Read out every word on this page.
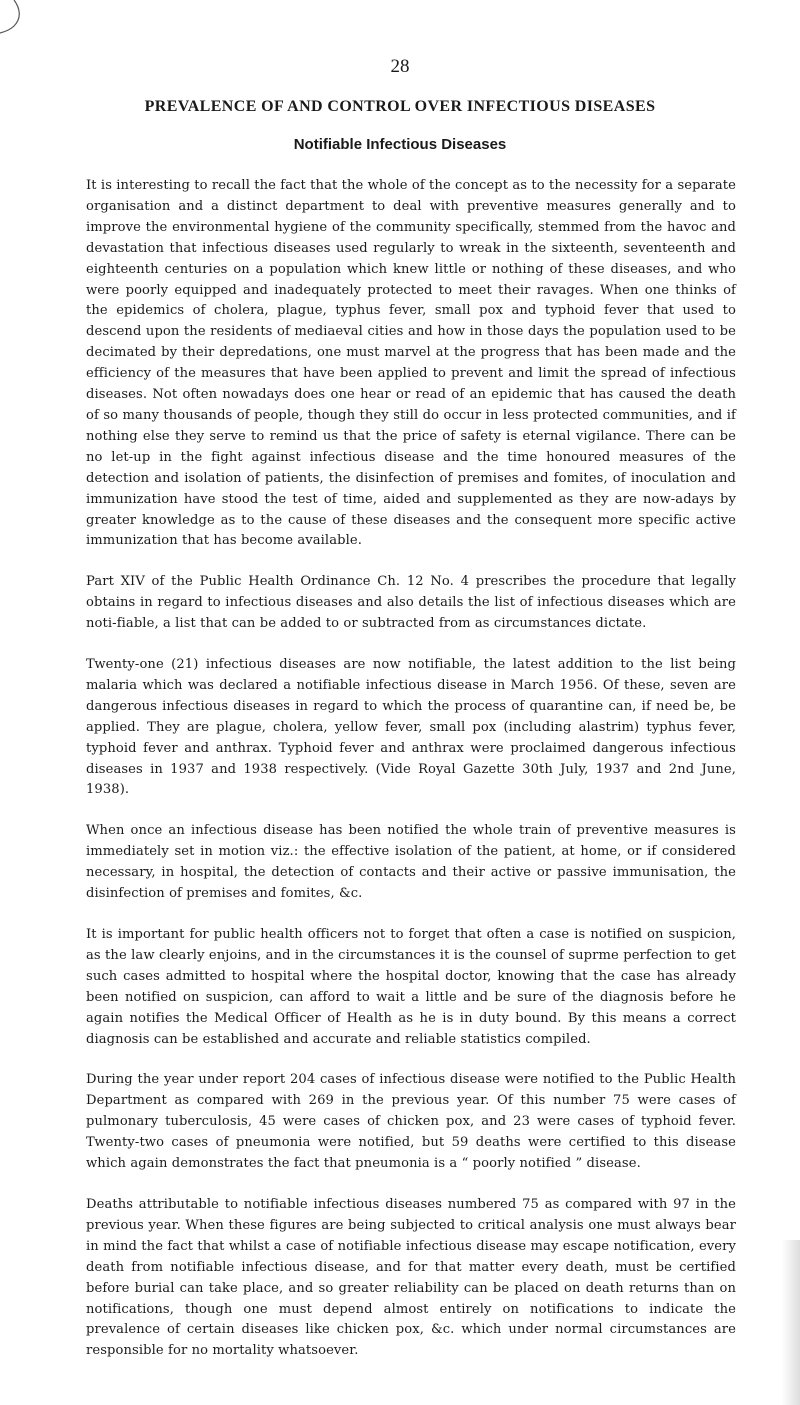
28
PREVALENCE OF AND CONTROL OVER INFECTIOUS DISEASES
Notifiable Infectious Diseases

It is interesting to recall the fact that the whole of the concept as to the necessity for a separate organisation and a distinct department to deal with preventive measures generally and to improve the environmental hygiene of the community specifically, stemmed from the havoc and devastation that infectious diseases used regularly to wreak in the sixteenth, seventeenth and eighteenth centuries on a population which knew little or nothing of these diseases, and who were poorly equipped and inadequately protected to meet their ravages. When one thinks of the epidemics of cholera, plague, typhus fever, small pox and typhoid fever that used to descend upon the residents of mediaeval cities and how in those days the population used to be decimated by their depredations, one must marvel at the progress that has been made and the efficiency of the measures that have been applied to prevent and limit the spread of infectious diseases. Not often nowadays does one hear or read of an epidemic that has caused the death of so many thousands of people, though they still do occur in less protected communities, and if nothing else they serve to remind us that the price of safety is eternal vigilance. There can be no let-up in the fight against infectious disease and the time honoured measures of the detection and isolation of patients, the disinfection of premises and fomites, of inoculation and immunization have stood the test of time, aided and supplemented as they are now-adays by greater knowledge as to the cause of these diseases and the consequent more specific active immunization that has become available.

Part XIV of the Public Health Ordinance Ch. 12 No. 4 prescribes the procedure that legally obtains in regard to infectious diseases and also details the list of infectious diseases which are noti-fiable, a list that can be added to or subtracted from as circumstances dictate.

Twenty-one (21) infectious diseases are now notifiable, the latest addition to the list being malaria which was declared a notifiable infectious disease in March 1956. Of these, seven are dangerous infectious diseases in regard to which the process of quarantine can, if need be, be applied. They are plague, cholera, yellow fever, small pox (including alastrim) typhus fever, typhoid fever and anthrax. Typhoid fever and anthrax were proclaimed dangerous infectious diseases in 1937 and 1938 respectively. (Vide Royal Gazette 30th July, 1937 and 2nd June, 1938).

When once an infectious disease has been notified the whole train of preventive measures is immediately set in motion viz.: the effective isolation of the patient, at home, or if considered necessary, in hospital, the detection of contacts and their active or passive immunisation, the disinfection of premises and fomites, &c.

It is important for public health officers not to forget that often a case is notified on suspicion, as the law clearly enjoins, and in the circumstances it is the counsel of suprme perfection to get such cases admitted to hospital where the hospital doctor, knowing that the case has already been notified on suspicion, can afford to wait a little and be sure of the diagnosis before he again notifies the Medical Officer of Health as he is in duty bound. By this means a correct diagnosis can be established and accurate and reliable statistics compiled.

During the year under report 204 cases of infectious disease were notified to the Public Health Department as compared with 269 in the previous year. Of this number 75 were cases of pulmonary tuberculosis, 45 were cases of chicken pox, and 23 were cases of typhoid fever. Twenty-two cases of pneumonia were notified, but 59 deaths were certified to this disease which again demonstrates the fact that pneumonia is a “ poorly notified ” disease.

Deaths attributable to notifiable infectious diseases numbered 75 as compared with 97 in the previous year. When these figures are being subjected to critical analysis one must always bear in mind the fact that whilst a case of notifiable infectious disease may escape notification, every death from notifiable infectious disease, and for that matter every death, must be certified before burial can take place, and so greater reliability can be placed on death returns than on notifications, though one must depend almost entirely on notifications to indicate the prevalence of certain diseases like chicken pox, &c. which under normal circumstances are responsible for no mortality whatsoever.
